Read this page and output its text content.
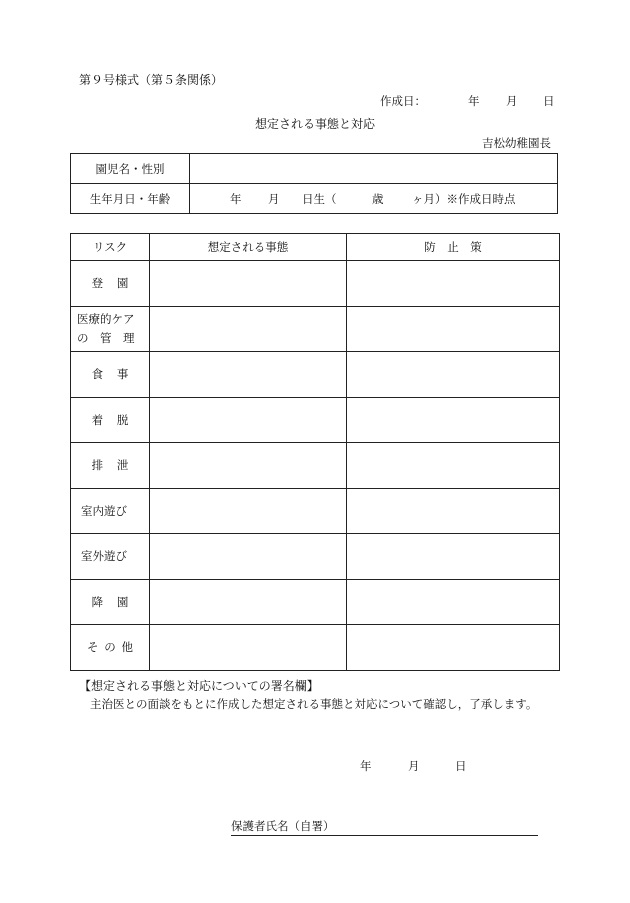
第９号様式（第５条関係）
作成日：	年 月 日
想定される事態と対応
吉松幼稚園長
園児名・性別	
生年月日・年齢	年 月 日生（ 歳 ヶ月）※作成日時点
リスク	想定される事態	防　止　策
登園		

医療的ケア
の　管　理		

食事		
着脱		
排泄		
室内遊び		
室外遊び		
降園		
その他		
【想定される事態と対応についての署名欄】
主治医との面談をもとに作成した想定される事態と対応について確認し，了承します。
年	月	日
保護者氏名（自署）
